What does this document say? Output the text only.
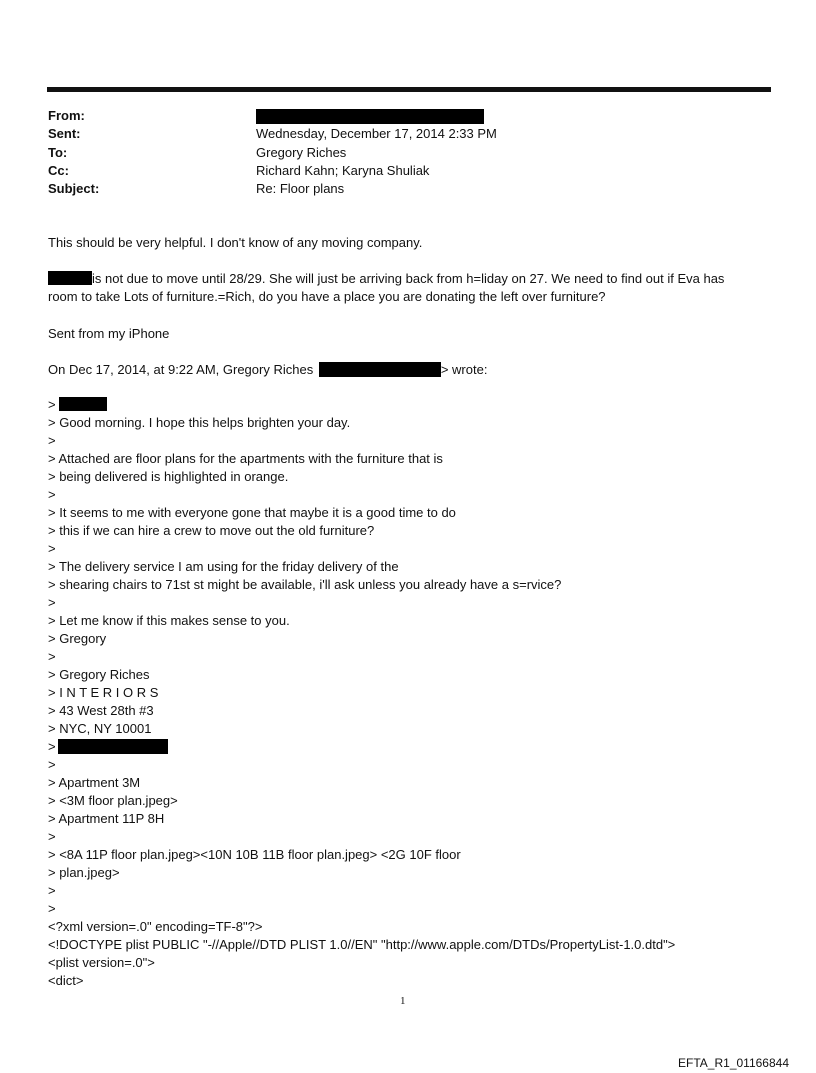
From:
Sent:	Wednesday, December 17, 2014 2:33 PM
To:	Gregory Riches
Cc:	Richard Kahn; Karyna Shuliak
Subject:	Re: Floor plans
This should be very helpful. I don't know of any moving company.
is not due to move until 28/29. She will just be arriving back from h=liday on 27. We need to find out if Eva has
room to take Lots of furniture.=Rich, do you have a place you are donating the left over furniture?
Sent from my iPhone
On Dec 17, 2014, at 9:22 AM, Gregory Riches	> wrote:
>
> Good morning. I hope this helps brighten your day.
>
> Attached are floor plans for the apartments with the furniture that is
> being delivered is highlighted in orange.
>
> It seems to me with everyone gone that maybe it is a good time to do
> this if we can hire a crew to move out the old furniture?
>
> The delivery service I am using for the friday delivery of the
> shearing chairs to 71st st might be available, i'll ask unless you already have a s=rvice?
>
> Let me know if this makes sense to you.
> Gregory
>
> Gregory Riches
> I N T E R I O R S
> 43 West 28th #3
> NYC, NY 10001
>
>
> Apartment 3M
> <3M floor plan.jpeg>
> Apartment 11P 8H
>
> <8A 11P floor plan.jpeg><10N 10B 11B floor plan.jpeg> <2G 10F floor
> plan.jpeg>
>
>
<?xml version=.0" encoding=TF-8"?>
<!DOCTYPE plist PUBLIC "-//Apple//DTD PLIST 1.0//EN" "http://www.apple.com/DTDs/PropertyList-1.0.dtd">
<plist version=.0">
<dict>
1
EFTA_R1_01166844
